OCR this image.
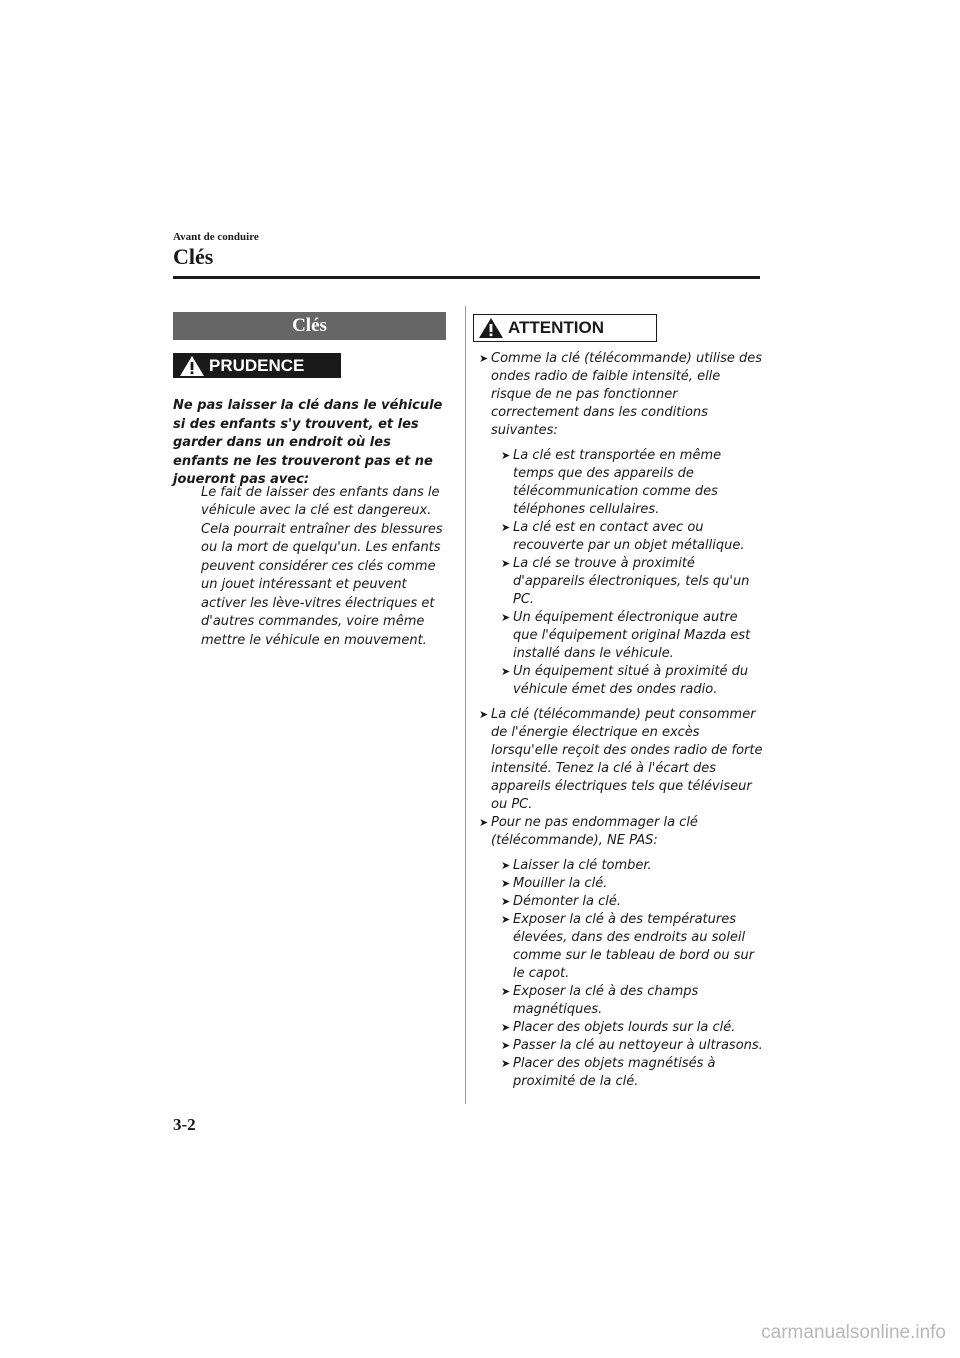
Avant de conduire
Clés
Clés
PRUDENCE

Ne pas laisser la clé dans le véhicule si des enfants s'y trouvent, et les garder dans un endroit où les enfants ne les trouveront pas et ne joueront pas avec:

Le fait de laisser des enfants dans le véhicule avec la clé est dangereux. Cela pourrait entraîner des blessures ou la mort de quelqu'un. Les enfants peuvent considérer ces clés comme un jouet intéressant et peuvent activer les lève-vitres électriques et d'autres commandes, voire même mettre le véhicule en mouvement.

ATTENTION
➤ Comme la clé (télécommande) utilise des ondes radio de faible intensité, elle risque de ne pas fonctionner correctement dans les conditions suivantes:
➤ La clé est transportée en même temps que des appareils de télécommunication comme des téléphones cellulaires.
➤ La clé est en contact avec ou recouverte par un objet métallique.
➤ La clé se trouve à proximité d'appareils électroniques, tels qu'un PC.
➤ Un équipement électronique autre que l'équipement original Mazda est installé dans le véhicule.
➤ Un équipement situé à proximité du véhicule émet des ondes radio.
➤ La clé (télécommande) peut consommer de l'énergie électrique en excès lorsqu'elle reçoit des ondes radio de forte intensité. Tenez la clé à l'écart des appareils électriques tels que téléviseur ou PC.
➤ Pour ne pas endommager la clé (télécommande), NE PAS:
➤ Laisser la clé tomber.
➤ Mouiller la clé.
➤ Démonter la clé.
➤ Exposer la clé à des températures élevées, dans des endroits au soleil comme sur le tableau de bord ou sur le capot.
➤ Exposer la clé à des champs magnétiques.
➤ Placer des objets lourds sur la clé.
➤ Passer la clé au nettoyeur à ultrasons.
➤ Placer des objets magnétisés à proximité de la clé.
3-2
carmanualsonline.info
